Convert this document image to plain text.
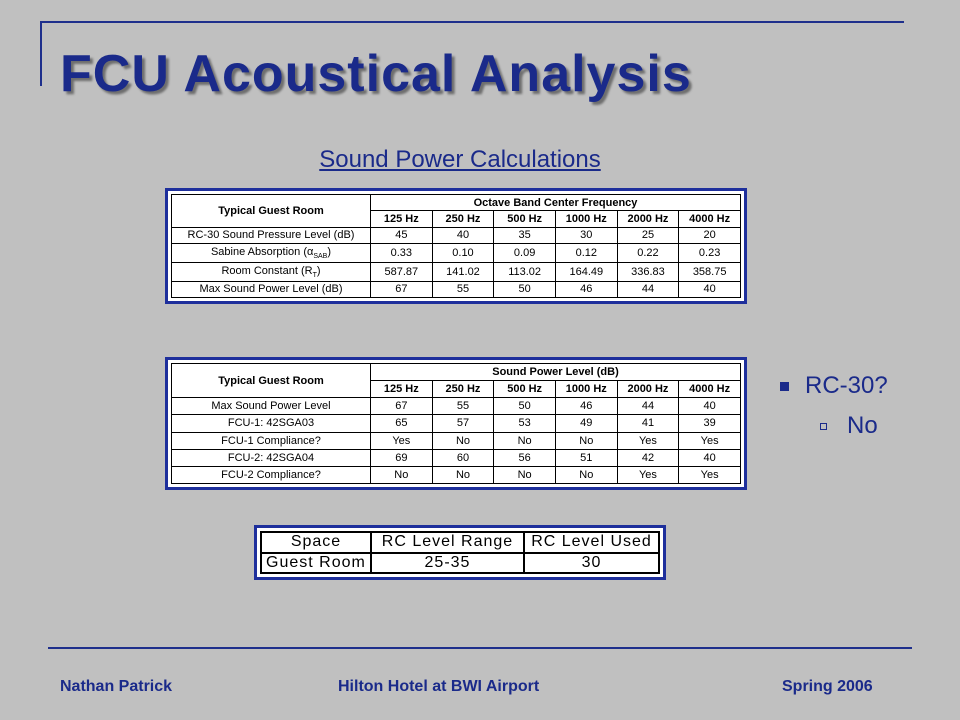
FCU Acoustical Analysis
Sound Power Calculations
Typical Guest Room	Octave Band Center Frequency					
	125 Hz	250 Hz	500 Hz	1000 Hz	2000 Hz	4000 Hz
RC-30 Sound Pressure Level (dB)	45	40	35	30	25	20
Sabine Absorption $(\alpha_{SAB})$	0.33	0.10	0.09	0.12	0.22	0.23
Room Constant $(R_T)$	587.87	141.02	113.02	164.49	336.83	358.75
Max Sound Power Level (dB)	67	55	50	46	44	40
Typical Guest Room	Sound Power Level (dB)					
	125 Hz	250 Hz	500 Hz	1000 Hz	2000 Hz	4000 Hz
Max Sound Power Level	67	55	50	46	44	40
FCU-1: 42SGA03	65	57	53	49	41	39
FCU-1 Compliance?	Yes	No	No	No	Yes	Yes
FCU-2: 42SGA04	69	60	56	51	42	40
FCU-2 Compliance?	No	No	No	No	Yes	Yes
Space	RC Level Range	RC Level Used
Guest Room	25-35	30
RC-30?
No
Nathan Patrick	Hilton Hotel at BWI Airport	Spring 2006
